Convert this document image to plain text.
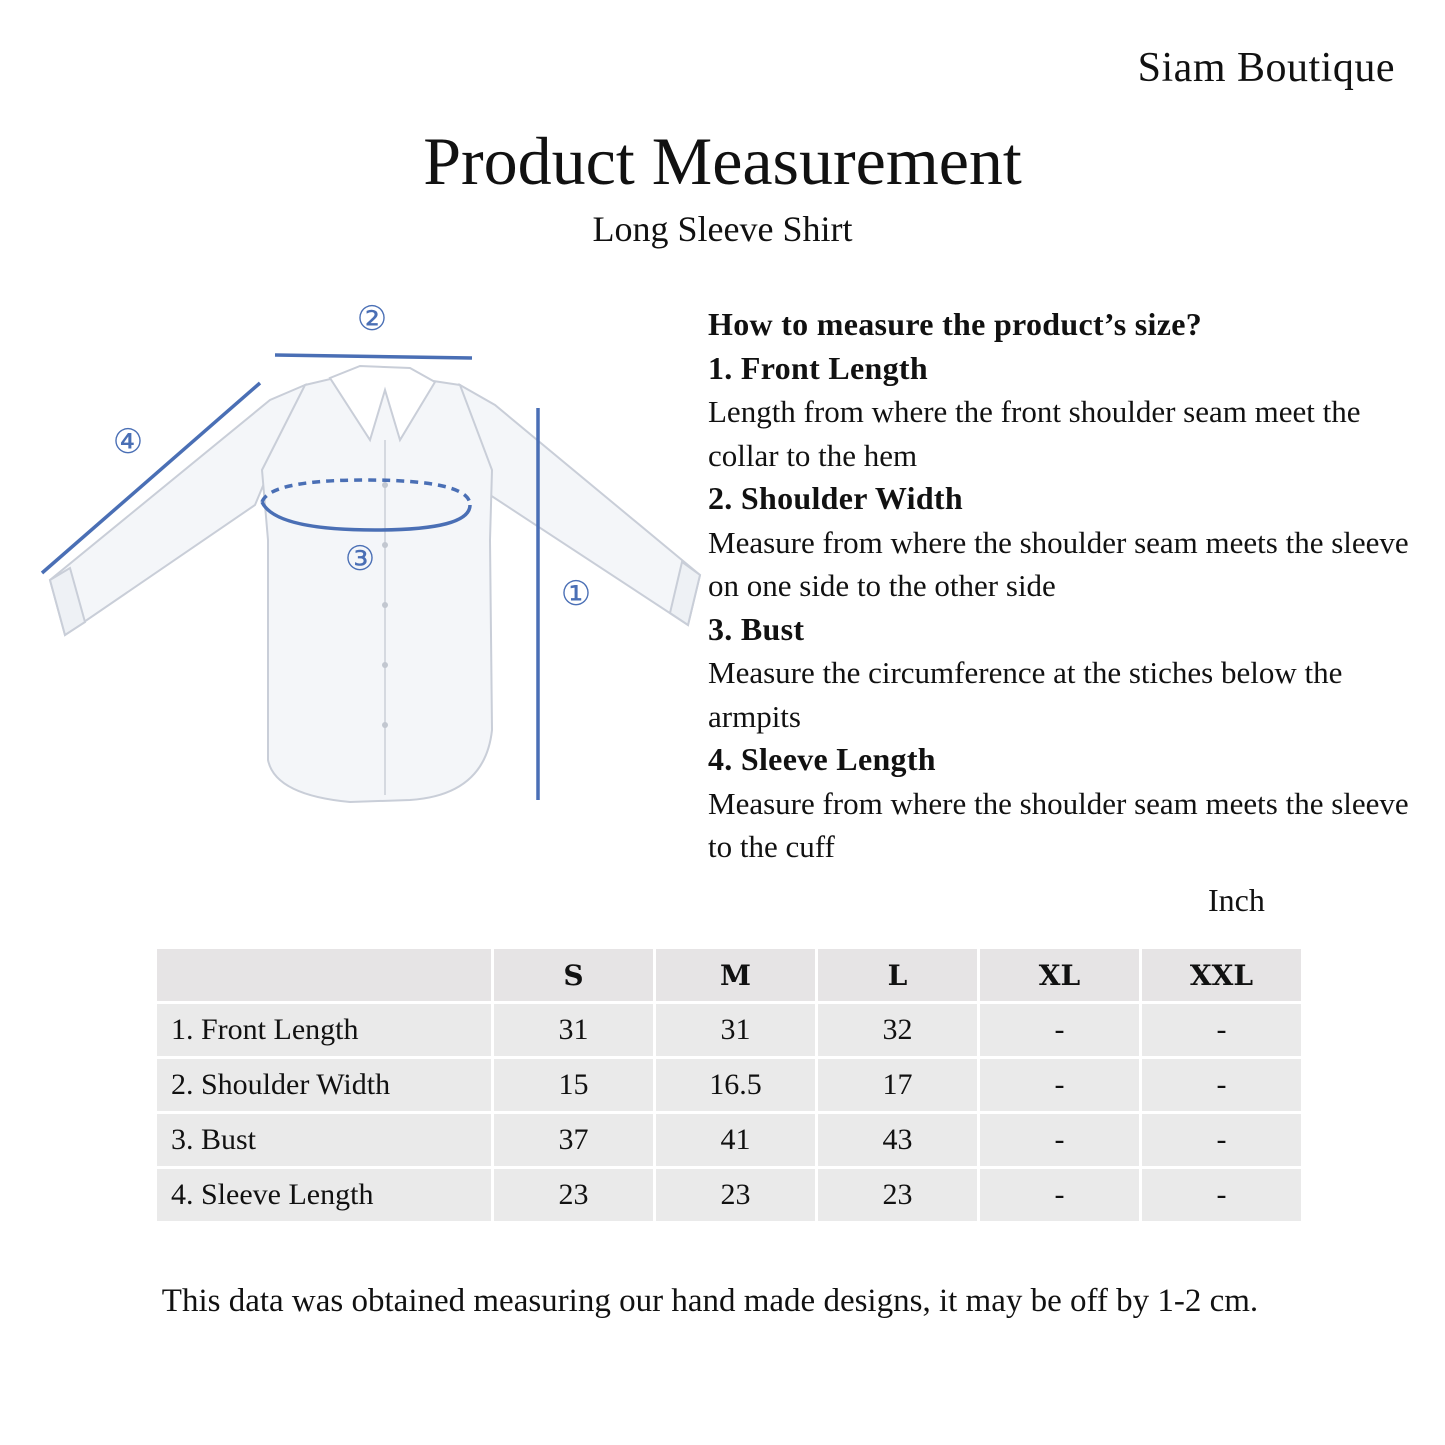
Siam Boutique
Product Measurement
Long Sleeve Shirt
①
②
③
④
How to measure the product’s size?
1. Front Length
Length from where the front shoulder seam meet the collar to the hem
2. Shoulder Width
Measure from where the shoulder seam meets the sleeve on one side to the other side
3. Bust
Measure the circumference at the stiches below the armpits
4. Sleeve Length
Measure from where the shoulder seam meets the sleeve to the cuff
Inch
	S	M	L	XL	XXL
1. Front Length	31	31	32	-	-
2. Shoulder Width	15	16.5	17	-	-
3. Bust	37	41	43	-	-
4. Sleeve Length	23	23	23	-	-
This data was obtained measuring our hand made designs, it may be off by 1-2 cm.
